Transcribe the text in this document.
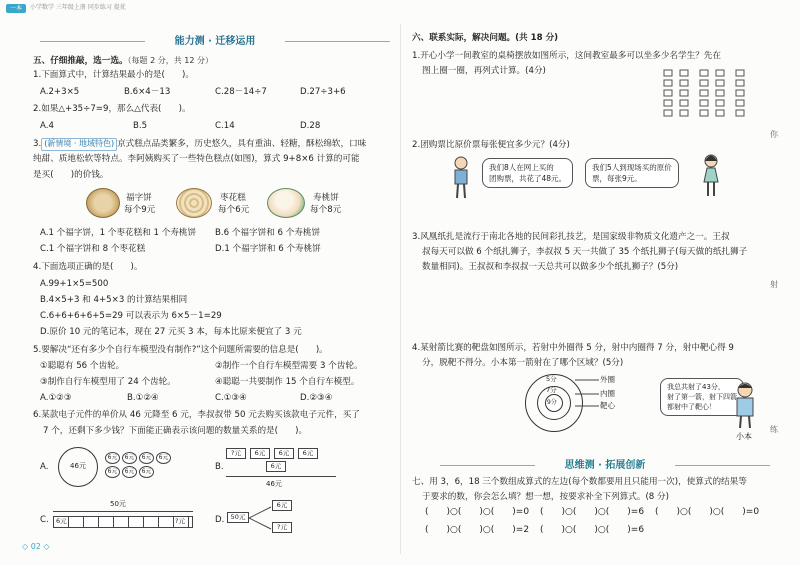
一本	小学数学 三年级上册 同步练习 提优
能力测 · 迁移运用
五、仔细推敲，选一选。（每题 2 分，共 12 分）
1.下面算式中，计算结果最小的是(　　)。
A.2+3×5	B.6×4－13	C.28－14÷7	D.27÷3+6
2.如果△+35÷7=9，那么△代表(　　)。
A.4	B.5	C.14	D.28
3. (新情境 · 地域特色) 京式糕点品类繁多，历史悠久，具有重油、轻糖，酥松绵软，口味
纯甜、质地松软等特点。李阿姨购买了一些特色糕点(如图)，算式 9+8×6 计算的可能
是买(　　)的价钱。
福字饼
每个9元
枣花糕
每个6元
寿桃饼
每个8元
A.1 个福字饼，1 个枣花糕和 1 个寿桃饼 B.6 个福字饼和 6 个寿桃饼
C.1 个福字饼和 8 个枣花糕	D.1 个福字饼和 6 个寿桃饼
4.下面选项正确的是(　　)。
A.99+1×5=500
B.4×5+3 和 4+5×3 的计算结果相同
C.6+6+6+6+5=29 可以表示为 6×5－1=29
D.原价 10 元的笔记本，现在 27 元买 3 本，每本比原来便宜了 3 元
5.要解决“还有多少个自行车模型没有制作?”这个问题所需要的信息是(　　)。
①聪聪有 56 个齿轮。	②制作一个自行车模型需要 3 个齿轮。
③制作自行车模型用了 24 个齿轮。	④聪聪一共要制作 15 个自行车模型。
A.①②③	B.①②④	C.①③④	D.②③④
6.某款电子元件的单价从 46 元降至 6 元，李叔叔带 50 元去购买该款电子元件，买了
7 个，还剩下多少钱？下面能正确表示该问题的数量关系的是(　　)。
A.	46元
6元	6元	6元	6元
6元	6元	6元	B.
?元	6元	6元	6元
6元
46元
C.
50元
6元	?元	D. 50元
6元
?元
◇ 02 ◇
六、联系实际，解决问题。(共 18 分)
1.开心小学一间教室的桌椅摆放如图所示，这间教室最多可以坐多少名学生？先在
图上圈一圈，再列式计算。(4分)
2.团购票比原价票每张便宜多少元？(4分)
我们8人在网上买的
团购票，共花了48元。
我们5人到现场买的原价
票，每张9元。
3.风凰纸扎是流行于南北各地的民间彩扎技艺，是国家级非物质文化遗产之一。王叔
叔每天可以做 6 个纸扎狮子，李叔叔 5 天一共做了 35 个纸扎狮子(每天做的纸扎狮子
数量相同)。王叔叔和李叔叔一天总共可以做多少个纸扎狮子？(5分)
4.某射箭比赛的靶盘如图所示，若射中外圈得 5 分，射中内圈得 7 分，射中靶心得 9
分，脱靶不得分。小本第一箭射在了哪个区域？(5分)
5分
7分
9分
外圈
内圈
靶心
我总共射了43分，
射了第一箭，射下四箭
都射中了靶心！
小本
思维测 · 拓展创新
七、用 3，6，18 三个数组成算式的左边(每个数都要用且只能用一次)，使算式的结果等
于要求的数，你会怎么填？想一想，按要求补全下列算式。(8 分)
(　　)○(　　)○(　　)=0 (　　)○(　　)○(　　)=6 (　　)○(　　)○(　　)=0
(　　)○(　　)○(　　)=2 (　　)○(　　)○(　　)=6
你
射
练
